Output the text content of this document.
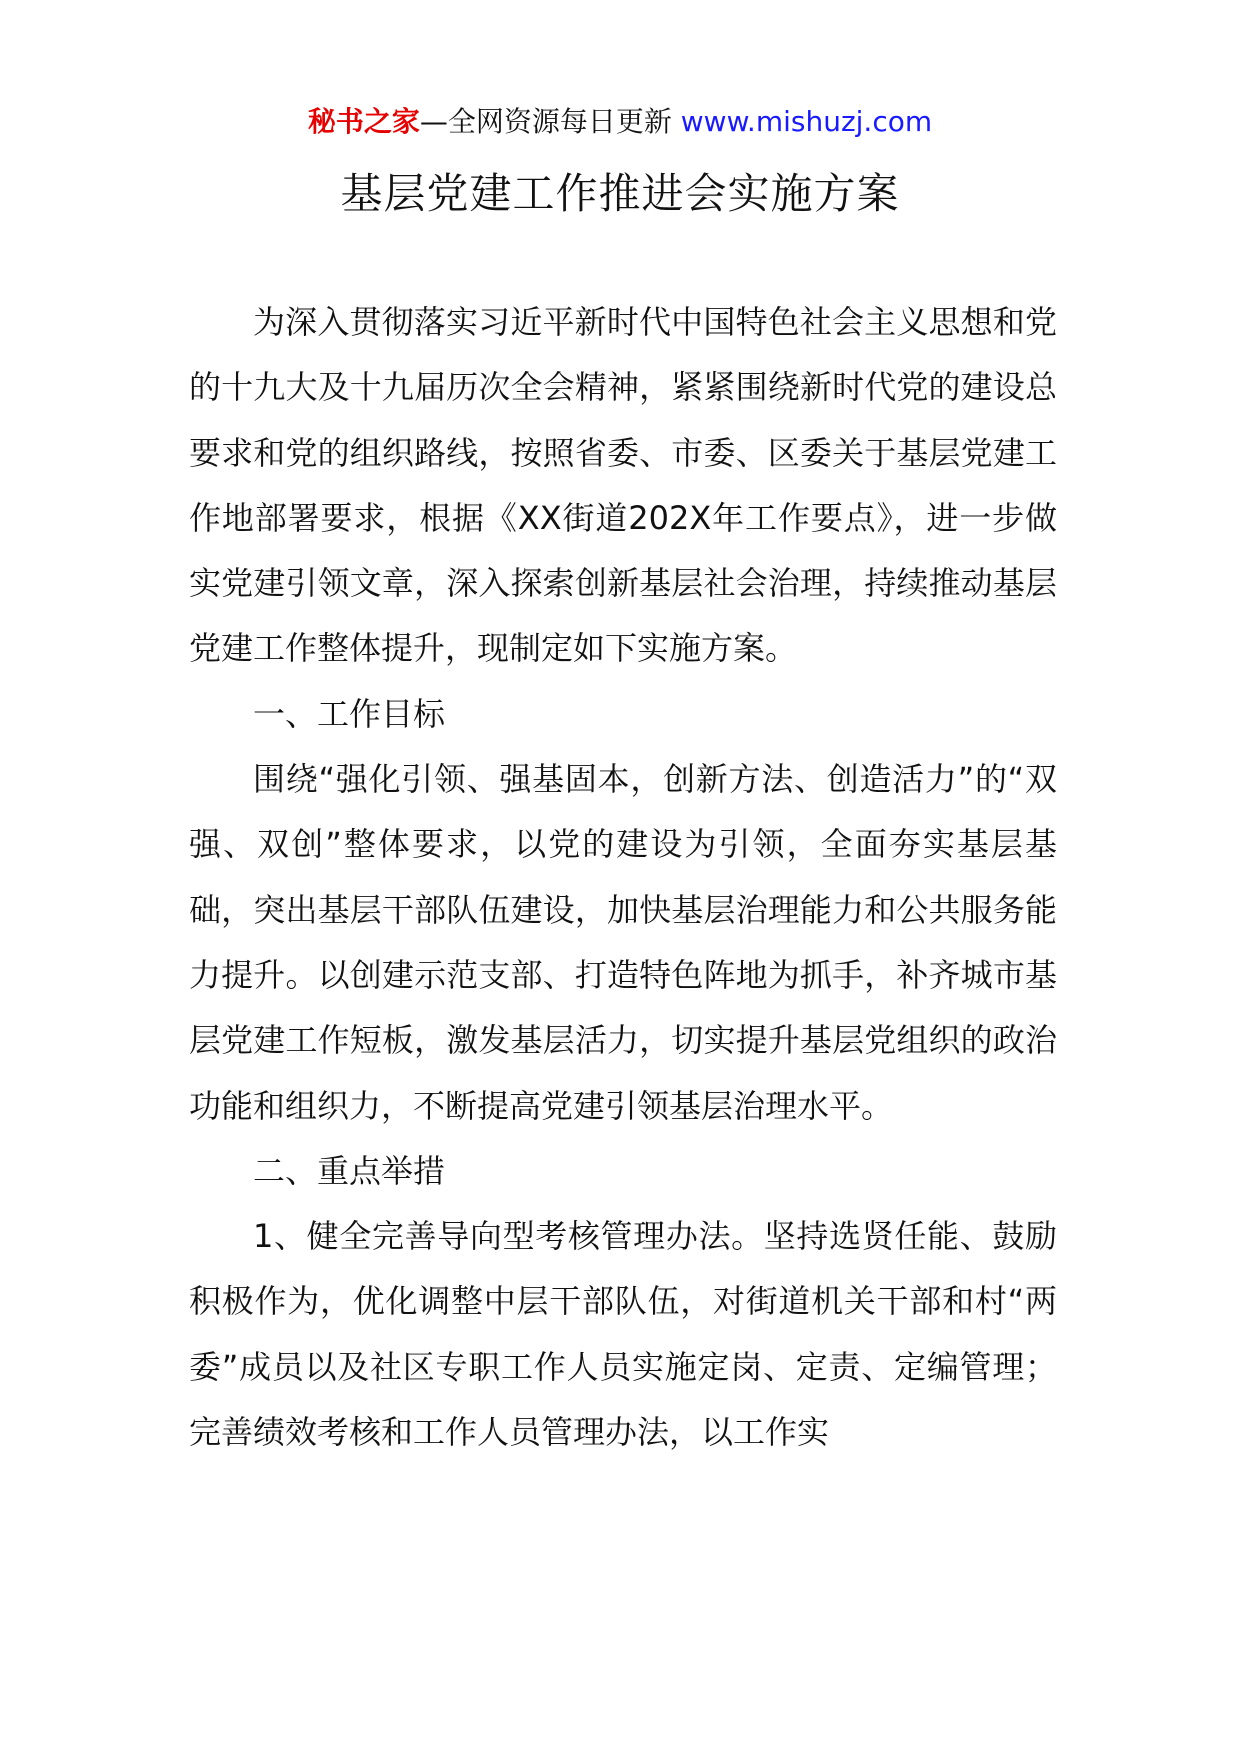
秘书之家—全网资源每日更新 www.mishuzj.com
基层党建工作推进会实施方案

为深入贯彻落实习近平新时代中国特色社会主义思想和党的十九大及十九届历次全会精神，紧紧围绕新时代党的建设总要求和党的组织路线，按照省委、市委、区委关于基层党建工作地部署要求，根据《XX街道202X年工作要点》，进一步做实党建引领文章，深入探索创新基层社会治理，持续推动基层党建工作整体提升，现制定如下实施方案。

一、工作目标

围绕“强化引领、强基固本，创新方法、创造活力”的“双强、双创”整体要求，以党的建设为引领，全面夯实基层基础，突出基层干部队伍建设，加快基层治理能力和公共服务能力提升。以创建示范支部、打造特色阵地为抓手，补齐城市基层党建工作短板，激发基层活力，切实提升基层党组织的政治功能和组织力，不断提高党建引领基层治理水平。

二、重点举措

1、健全完善导向型考核管理办法。坚持选贤任能、鼓励积极作为，优化调整中层干部队伍，对街道机关干部和村“两委”成员以及社区专职工作人员实施定岗、定责、定编管理；完善绩效考核和工作人员管理办法，以工作实
